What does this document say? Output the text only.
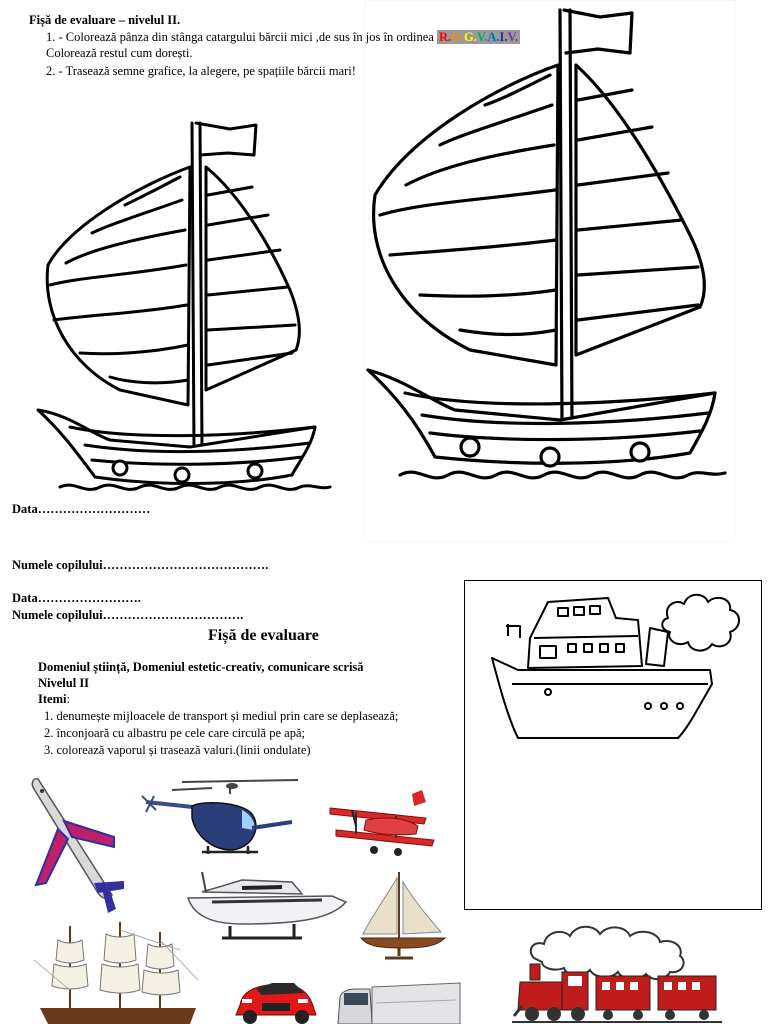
Fișă de evaluare – nivelul II.
1. - Colorează pânza din stânga catargului bărcii mici ,de sus în jos în ordinea R.O.G.V.A.I.V.
Colorează restul cum dorești.
2. - Trasează semne grafice, la alegere, pe spațiile bărcii mari!
Data………………………
Numele copilului………………………………….
Data…………………….
Numele copilului…………………………….
Fișă de evaluare
Domeniul științ​ă, Domeniul estetic-creativ, comunicare scrisă
Nivelul II
Itemi:
1. denumește mijloacele de transport și mediul prin care se deplasează;
2. înconjoară cu albastru pe cele care circulă pe apă;
3. colorează vaporul și trasează valuri.(linii ondulate)
